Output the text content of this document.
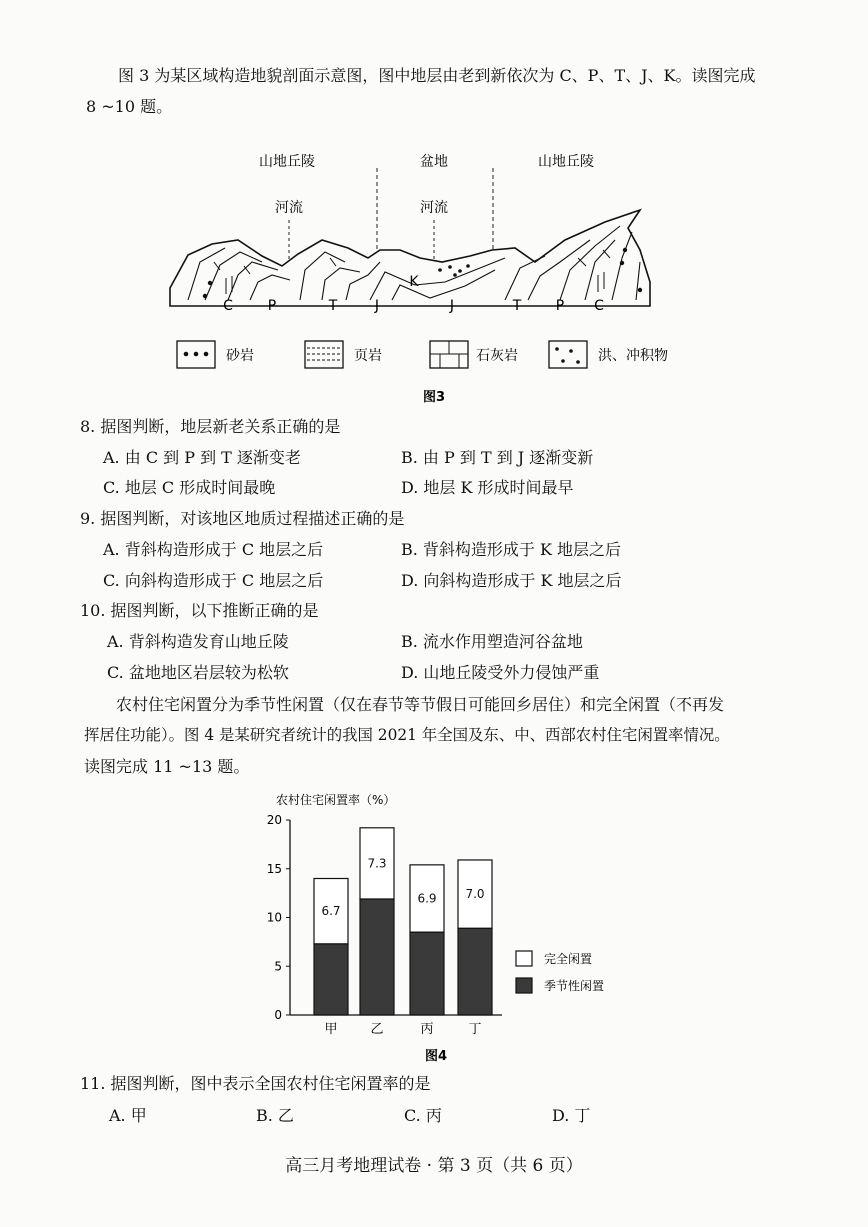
图 3 为某区域构造地貌剖面示意图，图中地层由老到新依次为 C、P、T、J、K。读图完成
8 ~10 题。
山地丘陵	盆地	山地丘陵
河流	河流
C P	T	J
K
J	T P C
砂岩	页岩	石灰岩	洪、冲积物
图3
8. 据图判断，地层新老关系正确的是
A. 由 C 到 P 到 T 逐渐变老	B. 由 P 到 T 到 J 逐渐变新
C. 地层 C 形成时间最晚	D. 地层 K 形成时间最早
9. 据图判断，对该地区地质过程描述正确的是
A. 背斜构造形成于 C 地层之后	B. 背斜构造形成于 K 地层之后
C. 向斜构造形成于 C 地层之后	D. 向斜构造形成于 K 地层之后
10. 据图判断，以下推断正确的是
A. 背斜构造发育山地丘陵	B. 流水作用塑造河谷盆地
C. 盆地地区岩层较为松软	D. 山地丘陵受外力侵蚀严重
农村住宅闲置分为季节性闲置（仅在春节等节假日可能回乡居住）和完全闲置（不再发
挥居住功能）。图 4 是某研究者统计的我国 2021 年全国及东、中、西部农村住宅闲置率情况。
读图完成 11 ~13 题。
农村住宅闲置率（%）
0
5
10
15
20
甲	乙	丙	丁
6.7
7.3
6.9 7.0
完全闲置
季节性闲置
图4
11. 据图判断，图中表示全国农村住宅闲置率的是
A. 甲	B. 乙	C. 丙	D. 丁
高三月考地理试卷 · 第 3 页（共 6 页）
